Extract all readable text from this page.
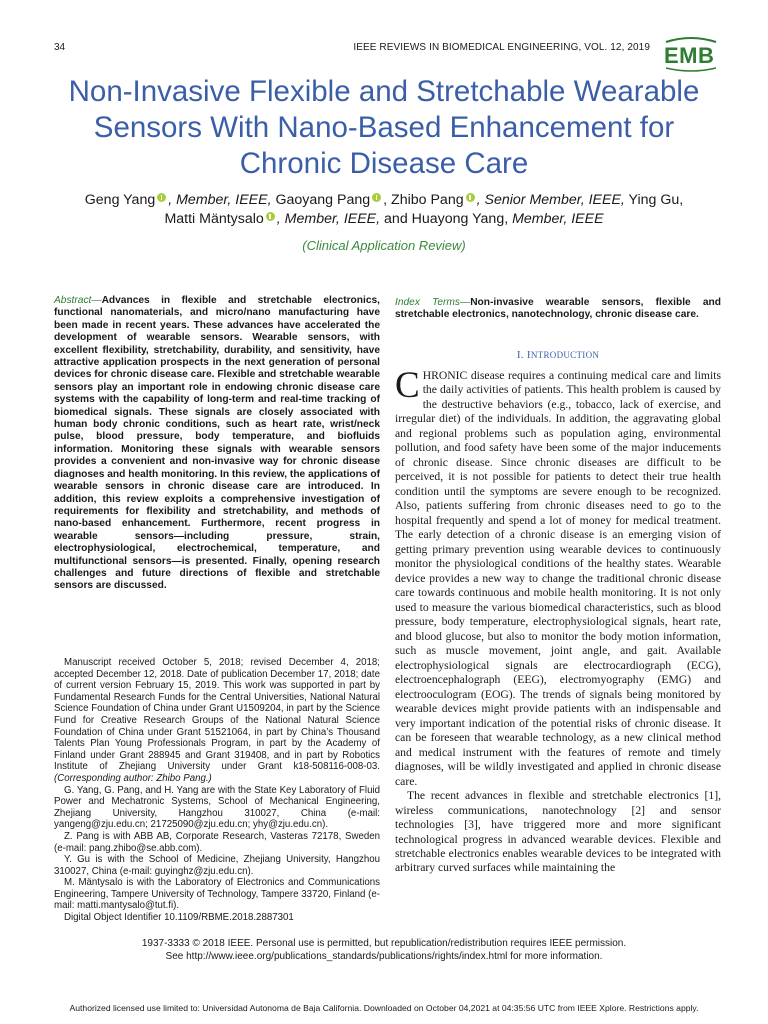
34	IEEE REVIEWS IN BIOMEDICAL ENGINEERING, VOL. 12, 2019 EMB
Non-Invasive Flexible and Stretchable Wearable
Sensors With Nano-Based Enhancement for
Chronic Disease Care
Geng Yang , Member, IEEE, Gaoyang Pang , Zhibo Pang , Senior Member, IEEE, Ying Gu,
Matti Mäntysalo , Member, IEEE, and Huayong Yang, Member, IEEE
(Clinical Application Review)
Abstract—Advances in flexible and stretchable electronics, functional nanomaterials, and micro/nano manufacturing have been made in recent years. These advances have accelerated the development of wearable sensors. Wearable sensors, with excellent flexibility, stretchability, durability, and sensitivity, have attractive application prospects in the next generation of personal devices for chronic disease care. Flexible and stretchable wearable sensors play an important role in endowing chronic disease care systems with the capability of long-term and real-time tracking of biomedical signals. These signals are closely associated with human body chronic conditions, such as heart rate, wrist/neck pulse, blood pressure, body temperature, and biofluids information. Monitoring these signals with wearable sensors provides a convenient and non-invasive way for chronic disease diagnoses and health monitoring. In this review, the applications of wearable sensors in chronic disease care are introduced. In addition, this review exploits a comprehensive investigation of requirements for flexibility and stretchability, and methods of nano-based enhancement. Furthermore, recent progress in wearable sensors—including pressure, strain, electrophysiological, electrochemical, temperature, and multifunctional sensors—is presented. Finally, opening research challenges and future directions of flexible and stretchable sensors are discussed.

Manuscript received October 5, 2018; revised December 4, 2018; accepted December 12, 2018. Date of publication December 17, 2018; date of current version February 15, 2019. This work was supported in part by Fundamental Research Funds for the Central Universities, National Natural Science Foundation of China under Grant U1509204, in part by the Science Fund for Creative Research Groups of the National Natural Science Foundation of China under Grant 51521064, in part by China’s Thousand Talents Plan Young Professionals Program, in part by the Academy of Finland under Grant 288945 and Grant 319408, and in part by Robotics Institute of Zhejiang University under Grant k18-508116-008-03. (Corresponding author: Zhibo Pang.)

G. Yang, G. Pang, and H. Yang are with the State Key Laboratory of Fluid Power and Mechatronic Systems, School of Mechanical Engineering, Zhejiang University, Hangzhou 310027, China (e-mail: yangeng@zju.edu.cn; 21725090@zju.edu.cn; yhy@zju.edu.cn).

Z. Pang is with ABB AB, Corporate Research, Vasteras 72178, Sweden (e-mail: pang.zhibo@se.abb.com).

Y. Gu is with the School of Medicine, Zhejiang University, Hangzhou 310027, China (e-mail: guyinghz@zju.edu.cn).

M. Mäntysalo is with the Laboratory of Electronics and Communications Engineering, Tampere University of Technology, Tampere 33720, Finland (e-mail: matti.mantysalo@tut.fi).

Digital Object Identifier 10.1109/RBME.2018.2887301

Index Terms—Non-invasive wearable sensors, flexible and stretchable electronics, nanotechnology, chronic disease care.
I. INTRODUCTION

CHRONIC disease requires a continuing medical care and limits the daily activities of patients. This health problem is caused by the destructive behaviors (e.g., tobacco, lack of exercise, and irregular diet) of the individuals. In addition, the aggravating global and regional problems such as population aging, environmental pollution, and food safety have been some of the major inducements of chronic disease. Since chronic diseases are difficult to be perceived, it is not possible for patients to detect their true health condition until the symptoms are severe enough to be recognized. Also, patients suffering from chronic diseases need to go to the hospital frequently and spend a lot of money for medical treatment. The early detection of a chronic disease is an emerging vision of getting primary prevention using wearable devices to continuously monitor the physiological conditions of the healthy states. Wearable device provides a new way to change the traditional chronic disease care towards continuous and mobile health monitoring. It is not only used to measure the various biomedical characteristics, such as blood pressure, body temperature, electrophysiological signals, heart rate, and blood glucose, but also to monitor the body motion information, such as muscle movement, joint angle, and gait. Available electrophysiological signals are electrocardiograph (ECG), electroencephalograph (EEG), electromyography (EMG) and electrooculogram (EOG). The trends of signals being monitored by wearable devices might provide patients with an indispensable and very important indication of the potential risks of chronic disease. It can be foreseen that wearable technology, as a new clinical method and medical instrument with the features of remote and timely diagnoses, will be wildly investigated and applied in chronic disease care.

The recent advances in flexible and stretchable electronics [1], wireless communications, nanotechnology [2] and sensor technologies [3], have triggered more and more significant technological progress in advanced wearable devices. Flexible and stretchable electronics enables wearable devices to be integrated with arbitrary curved surfaces while maintaining the

1937-3333 © 2018 IEEE. Personal use is permitted, but republication/redistribution requires IEEE permission.
See http://www.ieee.org/publications_standards/publications/rights/index.html for more information.
Authorized licensed use limited to: Universidad Autonoma de Baja California. Downloaded on October 04,2021 at 04:35:56 UTC from IEEE Xplore. Restrictions apply.
